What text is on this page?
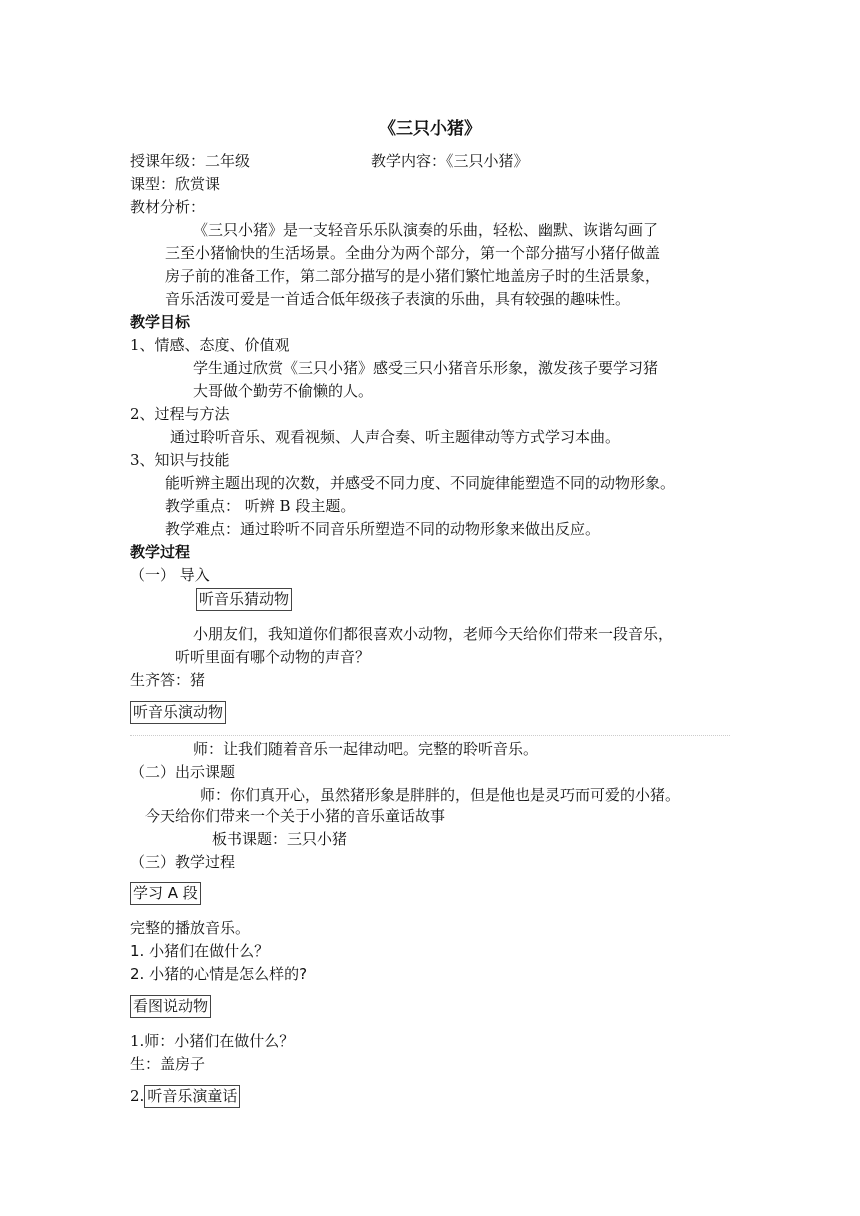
《三只小猪》
授课年级：二年级	教学内容：《三只小猪》
课型：欣赏课
教材分析：
《三只小猪》是一支轻音乐乐队演奏的乐曲，轻松、幽默、诙谐勾画了
三至小猪愉快的生活场景。全曲分为两个部分，第一个部分描写小猪仔做盖
房子前的准备工作，第二部分描写的是小猪们繁忙地盖房子时的生活景象，
音乐活泼可爱是一首适合低年级孩子表演的乐曲，具有较强的趣味性。
教学目标
1、情感、态度、价值观
学生通过欣赏《三只小猪》感受三只小猪音乐形象，激发孩子要学习猪
大哥做个勤劳不偷懒的人。
2、过程与方法
通过聆听音乐、观看视频、人声合奏、听主题律动等方式学习本曲。
3、知识与技能
能听辨主题出现的次数，并感受不同力度、不同旋律能塑造不同的动物形象。
教学重点： 听辨 B 段主题。
教学难点：通过聆听不同音乐所塑造不同的动物形象来做出反应。
教学过程
（一） 导入
听音乐猜动物
小朋友们，我知道你们都很喜欢小动物，老师今天给你们带来一段音乐，
听听里面有哪个动物的声音？
生齐答：猪
听音乐演动物
师：让我们随着音乐一起律动吧。完整的聆听音乐。
（二）出示课题
师：你们真开心，虽然猪形象是胖胖的，但是他也是灵巧而可爱的小猪。
今天给你们带来一个关于小猪的音乐童话故事
板书课题：三只小猪
（三）教学过程
学习 A 段
完整的播放音乐。
1. 小猪们在做什么？
2. 小猪的心情是怎么样的?
看图说动物
1.师：小猪们在做什么？
生：盖房子
2. 听音乐演童话
